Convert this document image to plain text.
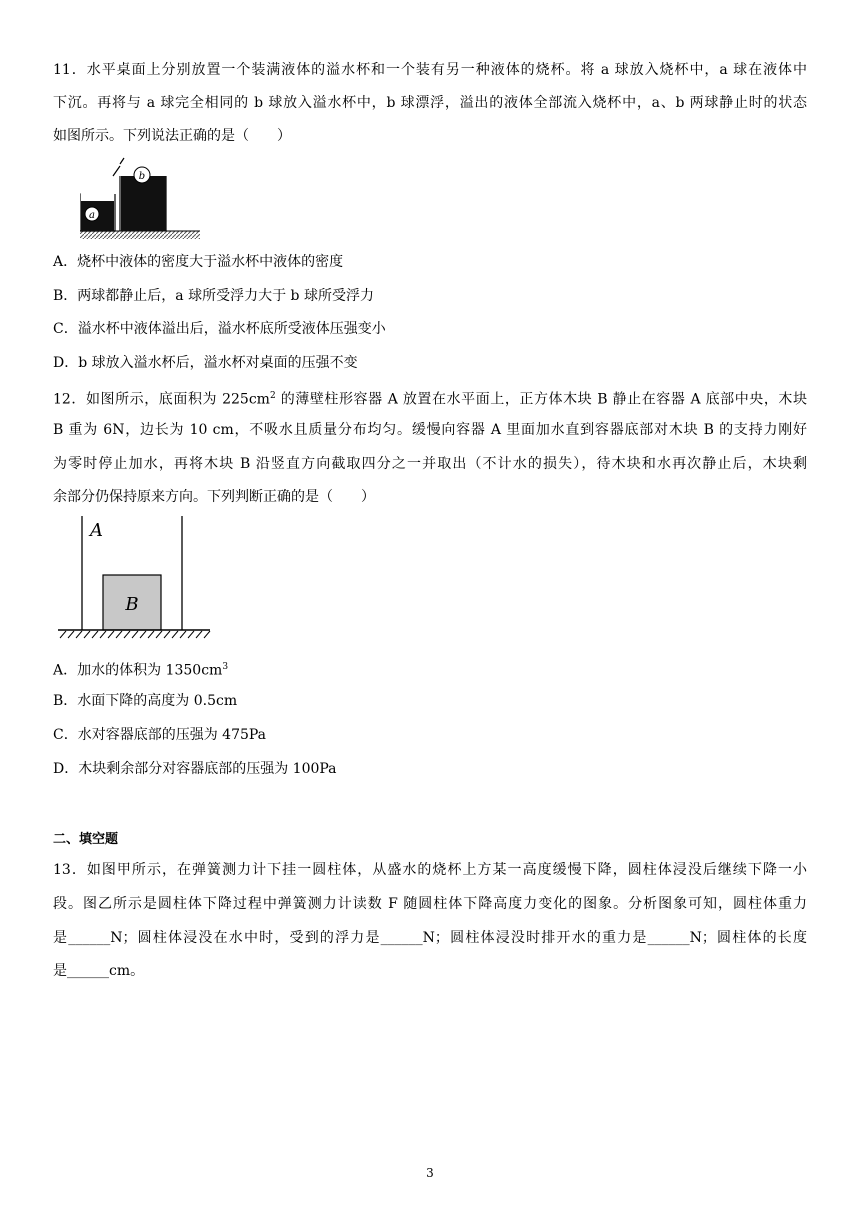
11．水平桌面上分别放置一个装满液体的溢水杯和一个装有另一种液体的烧杯。将 a 球放入烧杯中，a 球在液体中
下沉。再将与 a 球完全相同的 b 球放入溢水杯中，b 球漂浮，溢出的液体全部流入烧杯中，a、b 两球静止时的状态
如图所示。下列说法正确的是（　　）
a
b
A．烧杯中液体的密度大于溢水杯中液体的密度
B．两球都静止后，a 球所受浮力大于 b 球所受浮力
C．溢水杯中液体溢出后，溢水杯底所受液体压强变小
D．b 球放入溢水杯后，溢水杯对桌面的压强不变
12．如图所示，底面积为 $225cm^2$ 的薄壁柱形容器 A 放置在水平面上，正方体木块 B 静止在容器 A 底部中央，木块
B 重为 6N，边长为 10 cm，不吸水且质量分布均匀。缓慢向容器 A 里面加水直到容器底部对木块 B 的支持力刚好
为零时停止加水，再将木块 B 沿竖直方向截取四分之一并取出（不计水的损失），待木块和水再次静止后，木块剩
余部分仍保持原来方向。下列判断正确的是（　　）
A
B
A．加水的体积为 $1350cm^3$
B．水面下降的高度为 0.5cm
C．水对容器底部的压强为 475Pa
D．木块剩余部分对容器底部的压强为 100Pa
二、填空题
13．如图甲所示，在弹簧测力计下挂一圆柱体，从盛水的烧杯上方某一高度缓慢下降，圆柱体浸没后继续下降一小
段。图乙所示是圆柱体下降过程中弹簧测力计读数 F 随圆柱体下降高度力变化的图象。分析图象可知，圆柱体重力
是______N；圆柱体浸没在水中时，受到的浮力是______N；圆柱体浸没时排开水的重力是______N；圆柱体的长度
是______cm。
3
